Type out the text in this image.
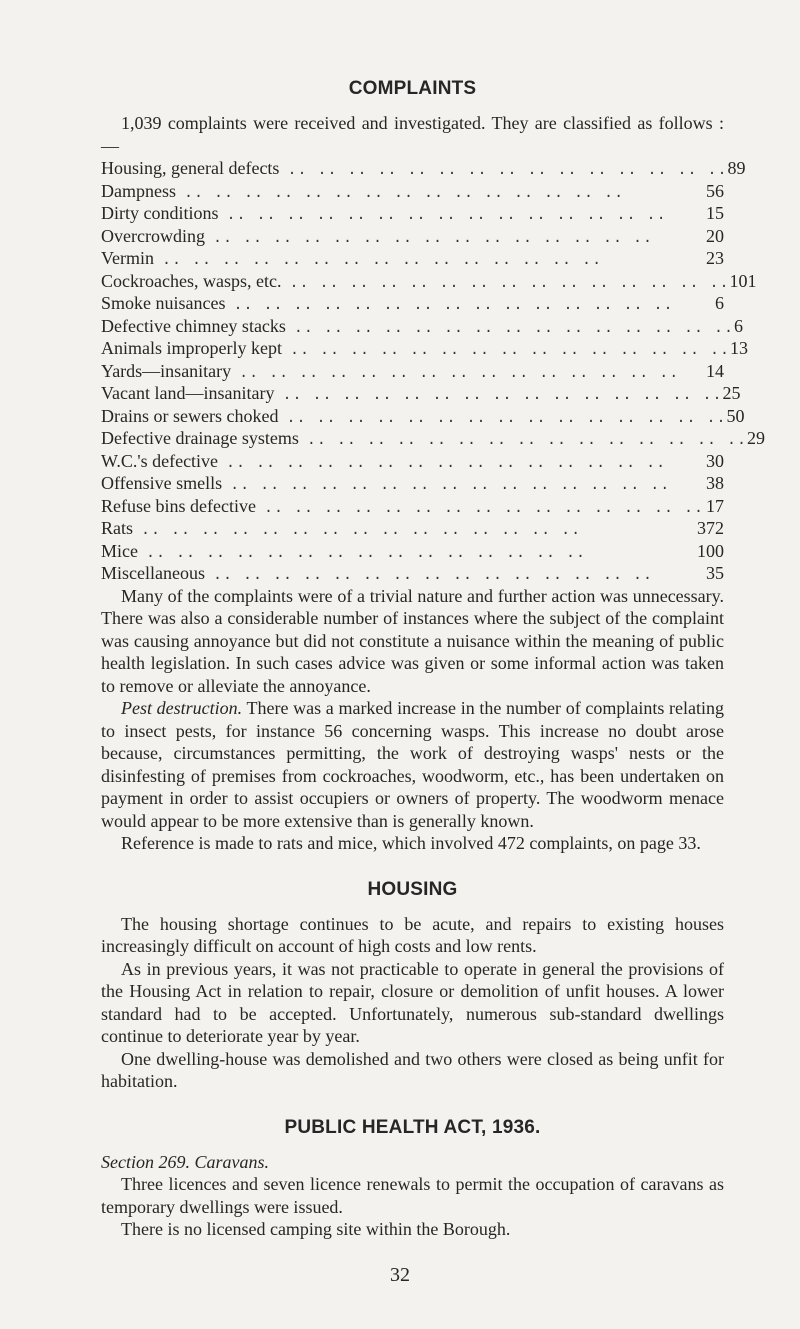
COMPLAINTS

1,039 complaints were received and investigated. They are classified as follows : —

Housing, general defects .. .. .. .. .. .. .. .. .. .. .. .. .. .. .. 89
Dampness .. .. .. .. .. .. .. .. .. .. .. .. .. .. ..	56
Dirty conditions .. .. .. .. .. .. .. .. .. .. .. .. .. .. ..	15
Overcrowding .. .. .. .. .. .. .. .. .. .. .. .. .. .. ..	20
Vermin .. .. .. .. .. .. .. .. .. .. .. .. .. .. ..	23
Cockroaches, wasps, etc. .. .. .. .. .. .. .. .. .. .. .. .. .. .. .. 101
Smoke nuisances .. .. .. .. .. .. .. .. .. .. .. .. .. .. ..	6
Defective chimney stacks .. .. .. .. .. .. .. .. .. .. .. .. .. .. .. 6
Animals improperly kept .. .. .. .. .. .. .. .. .. .. .. .. .. .. .. 13
Yards—insanitary .. .. .. .. .. .. .. .. .. .. .. .. .. .. ..	14
Vacant land—insanitary .. .. .. .. .. .. .. .. .. .. .. .. .. .. .. 25
Drains or sewers choked .. .. .. .. .. .. .. .. .. .. .. .. .. .. .. 50
Defective drainage systems .. .. .. .. .. .. .. .. .. .. .. .. .. .. .. 29
W.C.'s defective .. .. .. .. .. .. .. .. .. .. .. .. .. .. ..	30
Offensive smells .. .. .. .. .. .. .. .. .. .. .. .. .. .. ..	38
Refuse bins defective .. .. .. .. .. .. .. .. .. .. .. .. .. .. .. 17
Rats .. .. .. .. .. .. .. .. .. .. .. .. .. .. ..	372
Mice .. .. .. .. .. .. .. .. .. .. .. .. .. .. ..	100
Miscellaneous .. .. .. .. .. .. .. .. .. .. .. .. .. .. ..	35

Many of the complaints were of a trivial nature and further action was unnecessary. There was also a considerable number of instances where the subject of the complaint was causing annoyance but did not constitute a nuisance within the meaning of public health legislation. In such cases advice was given or some informal action was taken to remove or alleviate the annoyance.

Pest destruction. There was a marked increase in the number of complaints relating to insect pests, for instance 56 concerning wasps. This increase no doubt arose because, circumstances permitting, the work of destroying wasps' nests or the disinfesting of premises from cockroaches, woodworm, etc., has been undertaken on payment in order to assist occupiers or owners of property. The woodworm menace would appear to be more extensive than is generally known.

Reference is made to rats and mice, which involved 472 complaints, on page 33.

HOUSING

The housing shortage continues to be acute, and repairs to existing houses increasingly difficult on account of high costs and low rents.

As in previous years, it was not practicable to operate in general the provisions of the Housing Act in relation to repair, closure or demolition of unfit houses. A lower standard had to be accepted. Unfortunately, numerous sub-standard dwellings continue to deteriorate year by year.

One dwelling-house was demolished and two others were closed as being unfit for habitation.

PUBLIC HEALTH ACT, 1936.

Section 269. Caravans.

Three licences and seven licence renewals to permit the occupation of caravans as temporary dwellings were issued.

There is no licensed camping site within the Borough.

32
